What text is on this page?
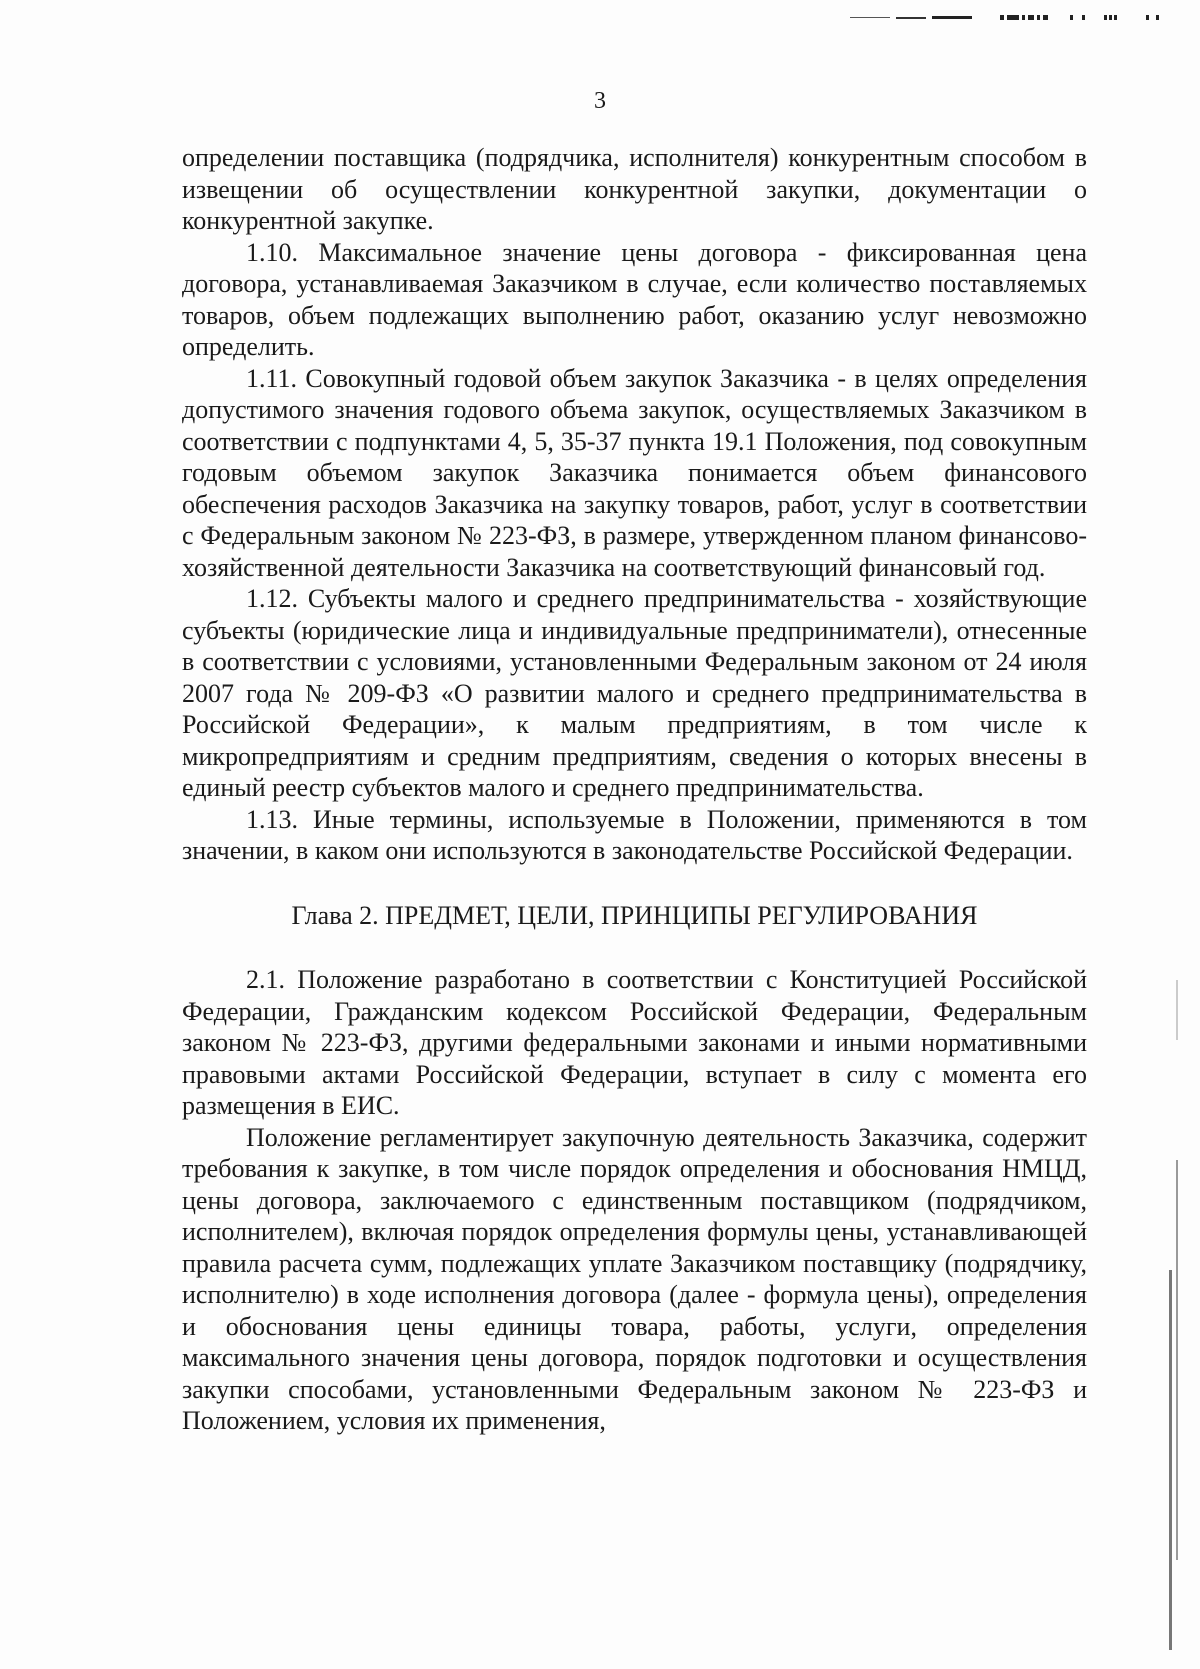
3

определении поставщика (подрядчика, исполнителя) конкурентным способом в извещении об осуществлении конкурентной закупки, документации о конкурентной закупке.

1.10. Максимальное значение цены договора - фиксированная цена договора, устанавливаемая Заказчиком в случае, если количество поставляемых товаров, объем подлежащих выполнению работ, оказанию услуг невозможно определить.

1.11. Совокупный годовой объем закупок Заказчика - в целях определения допустимого значения годового объема закупок, осуществляемых Заказчиком в соответствии с подпунктами 4, 5, 35-37 пункта 19.1 Положения, под совокупным годовым объемом закупок Заказчика понимается объем финансового обеспечения расходов Заказчика на закупку товаров, работ, услуг в соответствии с Федеральным законом № 223-ФЗ, в размере, утвержденном планом финансово-хозяйственной деятельности Заказчика на соответствующий финансовый год.

1.12. Субъекты малого и среднего предпринимательства - хозяйствующие субъекты (юридические лица и индивидуальные предприниматели), отнесенные в соответствии с условиями, установленными Федеральным законом от 24 июля 2007 года № 209-ФЗ «О развитии малого и среднего предпринимательства в Российской Федерации», к малым предприятиям, в том числе к микропредприятиям и средним предприятиям, сведения о которых внесены в единый реестр субъектов малого и среднего предпринимательства.

1.13. Иные термины, используемые в Положении, применяются в том значении, в каком они используются в законодательстве Российской Федерации.

Глава 2. ПРЕДМЕТ, ЦЕЛИ, ПРИНЦИПЫ РЕГУЛИРОВАНИЯ

2.1. Положение разработано в соответствии с Конституцией Российской Федерации, Гражданским кодексом Российской Федерации, Федеральным законом № 223-ФЗ, другими федеральными законами и иными нормативными правовыми актами Российской Федерации, вступает в силу с момента его размещения в ЕИС.

Положение регламентирует закупочную деятельность Заказчика, содержит требования к закупке, в том числе порядок определения и обоснования НМЦД, цены договора, заключаемого с единственным поставщиком (подрядчиком, исполнителем), включая порядок определения формулы цены, устанавливающей правила расчета сумм, подлежащих уплате Заказчиком поставщику (подрядчику, исполнителю) в ходе исполнения договора (далее - формула цены), определения и обоснования цены единицы товара, работы, услуги, определения максимального значения цены договора, порядок подготовки и осуществления закупки способами, установленными Федеральным законом № 223-ФЗ и Положением, условия их применения,
